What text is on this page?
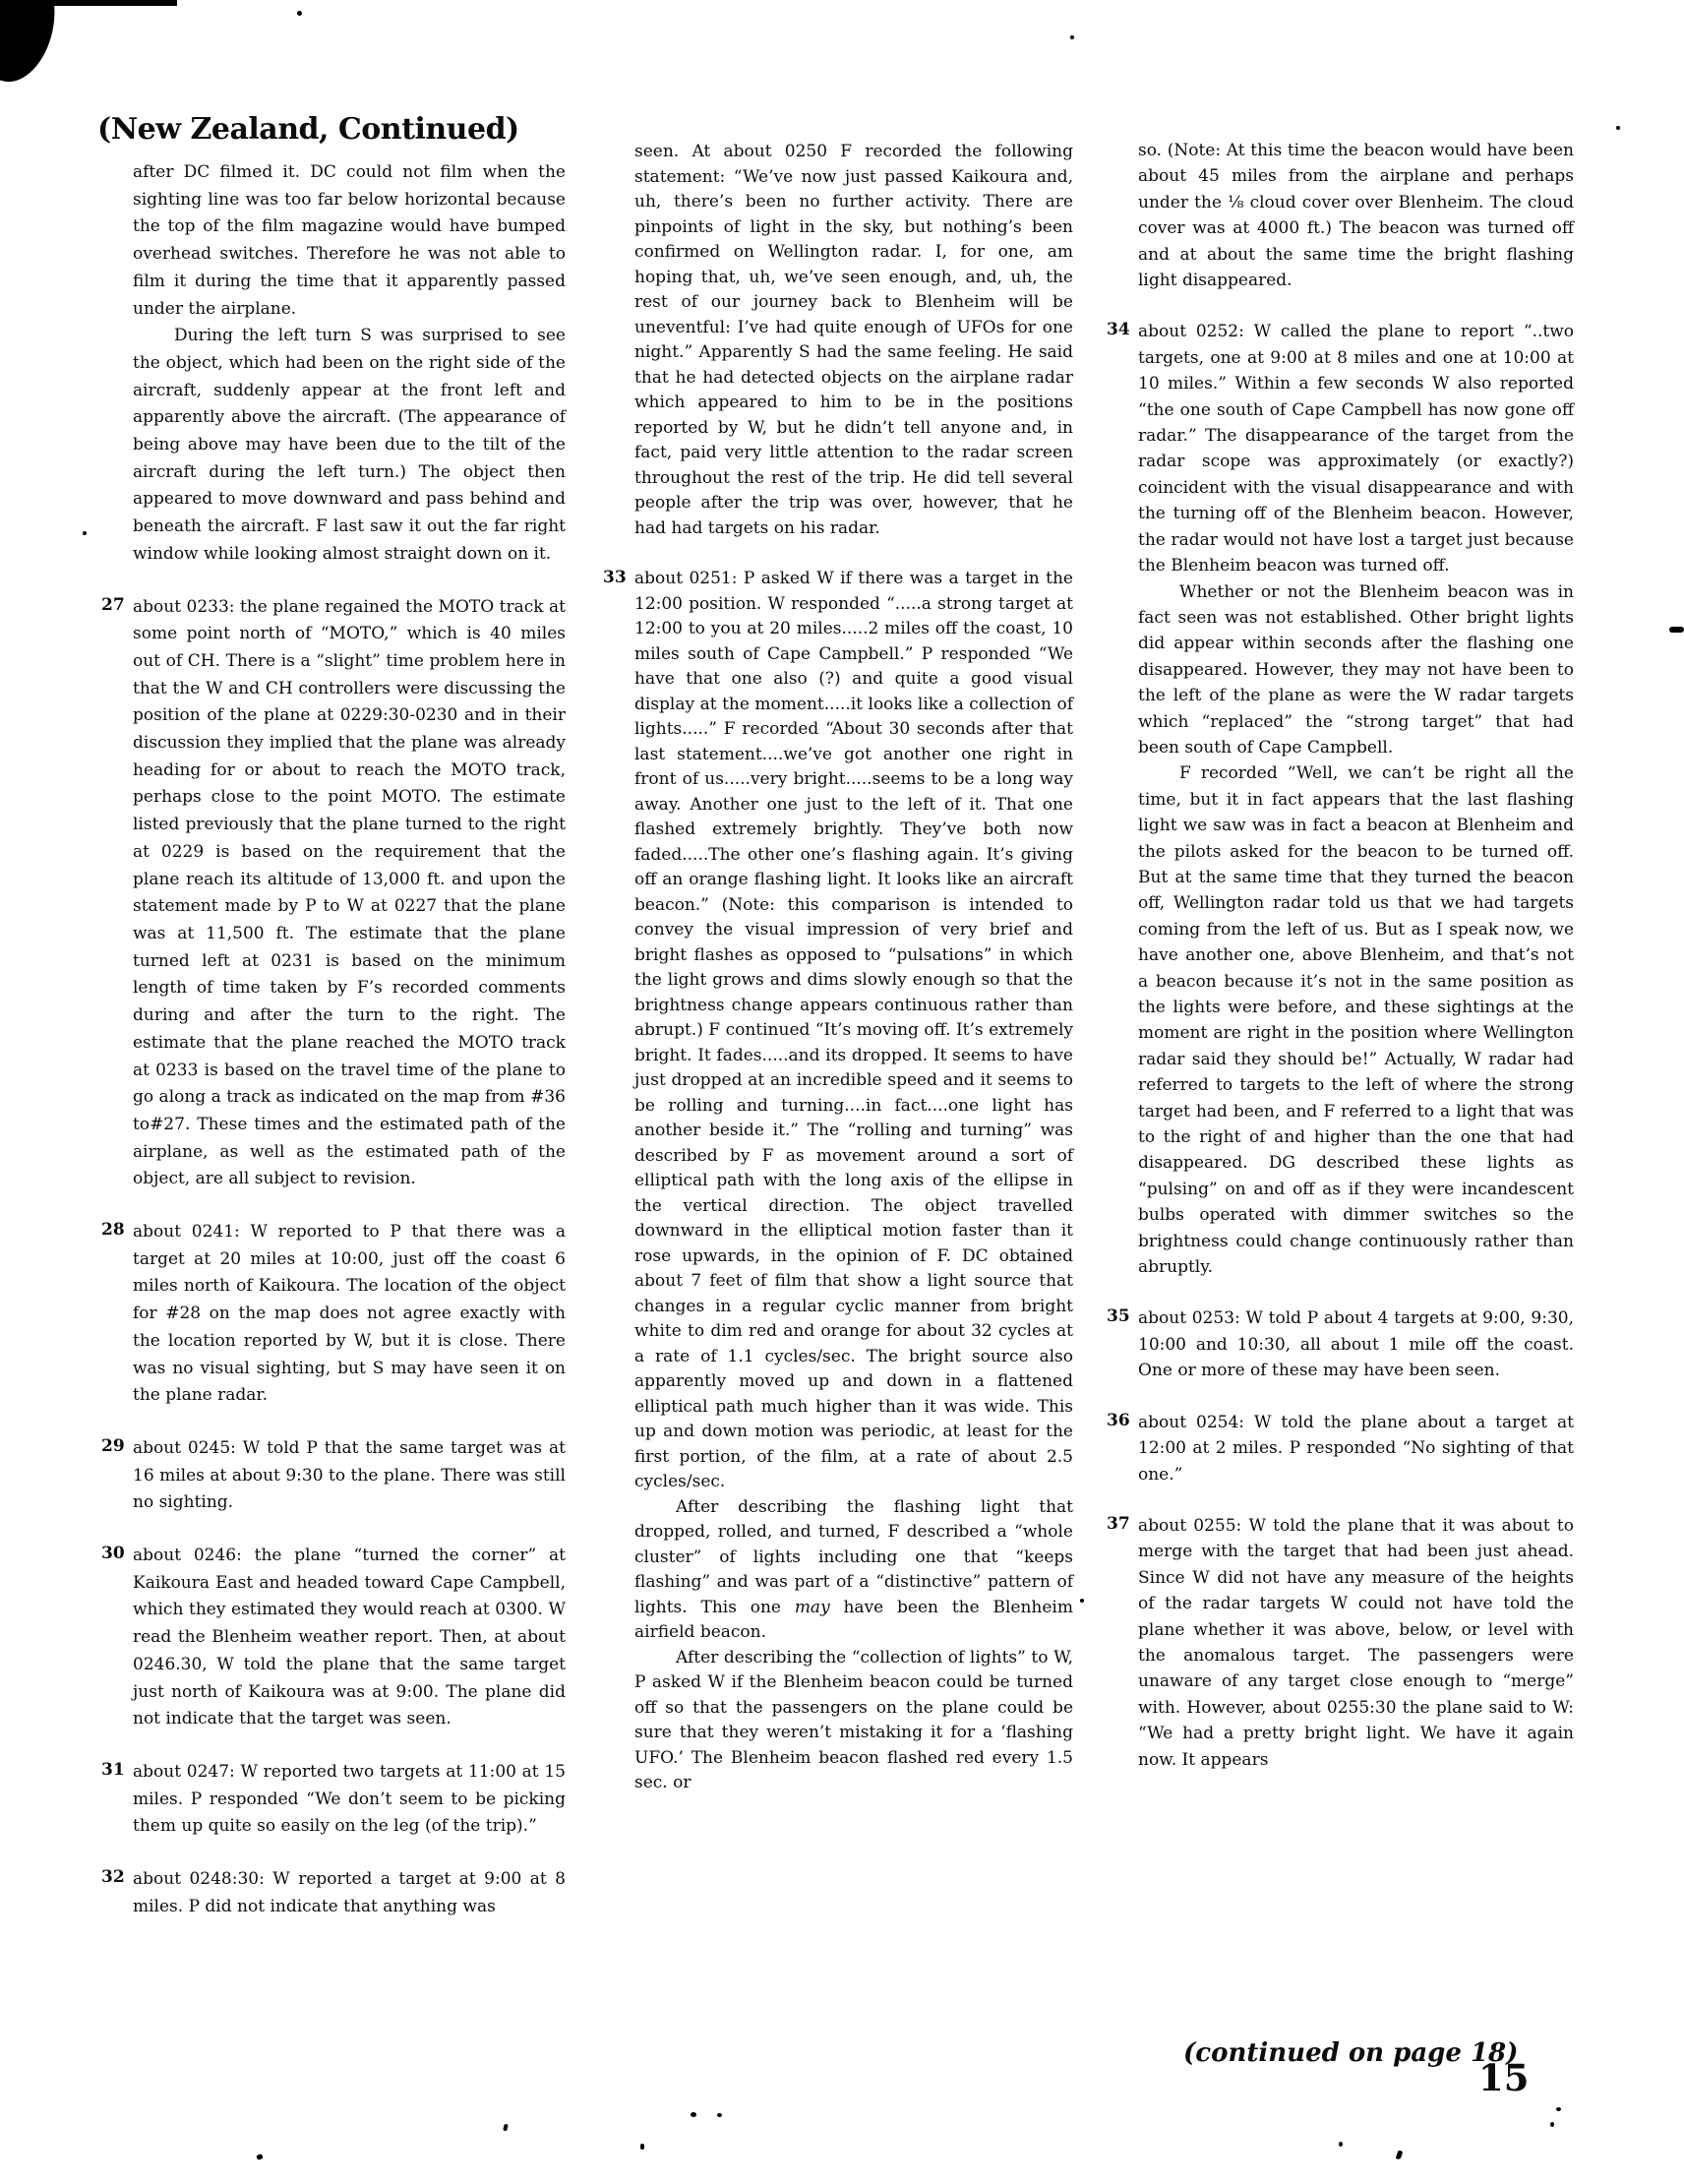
(New Zealand, Continued)

after DC filmed it. DC could not film when the sighting line was too far below horizontal because the top of the film magazine would have bumped overhead switches. Therefore he was not able to film it during the time that it apparently passed under the airplane.

During the left turn S was surprised to see the object, which had been on the right side of the aircraft, suddenly appear at the front left and apparently above the aircraft. (The appearance of being above may have been due to the tilt of the aircraft during the left turn.) The object then appeared to move downward and pass behind and beneath the aircraft. F last saw it out the far right window while looking almost straight down on it.

27 about 0233: the plane regained the MOTO track at some point north of “MOTO,” which is 40 miles out of CH. There is a “slight” time problem here in that the W and CH controllers were discussing the position of the plane at 0229:30-0230 and in their discussion they implied that the plane was already heading for or about to reach the MOTO track, perhaps close to the point MOTO. The estimate listed previously that the plane turned to the right at 0229 is based on the requirement that the plane reach its altitude of 13,000 ft. and upon the statement made by P to W at 0227 that the plane was at 11,500 ft. The estimate that the plane turned left at 0231 is based on the minimum length of time taken by F’s recorded comments during and after the turn to the right. The estimate that the plane reached the MOTO track at 0233 is based on the travel time of the plane to go along a track as indicated on the map from #36 to#27. These times and the estimated path of the airplane, as well as the estimated path of the object, are all subject to revision.

28 about 0241: W reported to P that there was a target at 20 miles at 10:00, just off the coast 6 miles north of Kaikoura. The location of the object for #28 on the map does not agree exactly with the location reported by W, but it is close. There was no visual sighting, but S may have seen it on the plane radar.

29 about 0245: W told P that the same target was at 16 miles at about 9:30 to the plane. There was still no sighting.

30 about 0246: the plane “turned the corner” at Kaikoura East and headed toward Cape Campbell, which they estimated they would reach at 0300. W read the Blenheim weather report. Then, at about 0246.30, W told the plane that the same target just north of Kaikoura was at 9:00. The plane did not indicate that the target was seen.

31 about 0247: W reported two targets at 11:00 at 15 miles. P responded “We don’t seem to be picking them up quite so easily on the leg (of the trip).”

32 about 0248:30: W reported a target at 9:00 at 8 miles. P did not indicate that anything was

seen. At about 0250 F recorded the following statement: “We’ve now just passed Kaikoura and, uh, there’s been no further activity. There are pinpoints of light in the sky, but nothing’s been confirmed on Wellington radar. I, for one, am hoping that, uh, we’ve seen enough, and, uh, the rest of our journey back to Blenheim will be uneventful: I’ve had quite enough of UFOs for one night.” Apparently S had the same feeling. He said that he had detected objects on the airplane radar which appeared to him to be in the positions reported by W, but he didn’t tell anyone and, in fact, paid very little attention to the radar screen throughout the rest of the trip. He did tell several people after the trip was over, however, that he had had targets on his radar.

33 about 0251: P asked W if there was a target in the 12:00 position. W responded “.....a strong target at 12:00 to you at 20 miles.....2 miles off the coast, 10 miles south of Cape Campbell.” P responded “We have that one also (?) and quite a good visual display at the moment.....it looks like a collection of lights.....” F recorded “About 30 seconds after that last statement....we’ve got another one right in front of us.....very bright.....seems to be a long way away. Another one just to the left of it. That one flashed extremely brightly. They’ve both now faded.....The other one’s flashing again. It’s giving off an orange flashing light. It looks like an aircraft beacon.” (Note: this comparison is intended to convey the visual impression of very brief and bright flashes as opposed to “pulsations” in which the light grows and dims slowly enough so that the brightness change appears continuous rather than abrupt.) F continued “It’s moving off. It’s extremely bright. It fades.....and its dropped. It seems to have just dropped at an incredible speed and it seems to be rolling and turning....in fact....one light has another beside it.” The “rolling and turning” was described by F as movement around a sort of elliptical path with the long axis of the ellipse in the vertical direction. The object travelled downward in the elliptical motion faster than it rose upwards, in the opinion of F. DC obtained about 7 feet of film that show a light source that changes in a regular cyclic manner from bright white to dim red and orange for about 32 cycles at a rate of 1.1 cycles/sec. The bright source also apparently moved up and down in a flattened elliptical path much higher than it was wide. This up and down motion was periodic, at least for the first portion, of the film, at a rate of about 2.5 cycles/sec.

After describing the flashing light that dropped, rolled, and turned, F described a “whole cluster” of lights including one that “keeps flashing” and was part of a “distinctive” pattern of lights. This one may have been the Blenheim airfield beacon.

After describing the “collection of lights” to W, P asked W if the Blenheim beacon could be turned off so that the passengers on the plane could be sure that they weren’t mistaking it for a ‘flashing UFO.’ The Blenheim beacon flashed red every 1.5 sec. or

so. (Note: At this time the beacon would have been about 45 miles from the airplane and perhaps under the ⅛ cloud cover over Blenheim. The cloud cover was at 4000 ft.) The beacon was turned off and at about the same time the bright flashing light disappeared.

34 about 0252: W called the plane to report “..two targets, one at 9:00 at 8 miles and one at 10:00 at 10 miles.” Within a few seconds W also reported “the one south of Cape Campbell has now gone off radar.” The disappearance of the target from the radar scope was approximately (or exactly?) coincident with the visual disappearance and with the turning off of the Blenheim beacon. However, the radar would not have lost a target just because the Blenheim beacon was turned off.

Whether or not the Blenheim beacon was in fact seen was not established. Other bright lights did appear within seconds after the flashing one disappeared. However, they may not have been to the left of the plane as were the W radar targets which “replaced” the “strong target” that had been south of Cape Campbell.

F recorded “Well, we can’t be right all the time, but it in fact appears that the last flashing light we saw was in fact a beacon at Blenheim and the pilots asked for the beacon to be turned off. But at the same time that they turned the beacon off, Wellington radar told us that we had targets coming from the left of us. But as I speak now, we have another one, above Blenheim, and that’s not a beacon because it’s not in the same position as the lights were before, and these sightings at the moment are right in the position where Wellington radar said they should be!” Actually, W radar had referred to targets to the left of where the strong target had been, and F referred to a light that was to the right of and higher than the one that had disappeared. DG described these lights as “pulsing” on and off as if they were incandescent bulbs operated with dimmer switches so the brightness could change continuously rather than abruptly.

35 about 0253: W told P about 4 targets at 9:00, 9:30, 10:00 and 10:30, all about 1 mile off the coast. One or more of these may have been seen.

36 about 0254: W told the plane about a target at 12:00 at 2 miles. P responded “No sighting of that one.”

37 about 0255: W told the plane that it was about to merge with the target that had been just ahead. Since W did not have any measure of the heights of the radar targets W could not have told the plane whether it was above, below, or level with the anomalous target. The passengers were unaware of any target close enough to “merge” with. However, about 0255:30 the plane said to W: “We had a pretty bright light. We have it again now. It appears

(continued on page 18)
15
